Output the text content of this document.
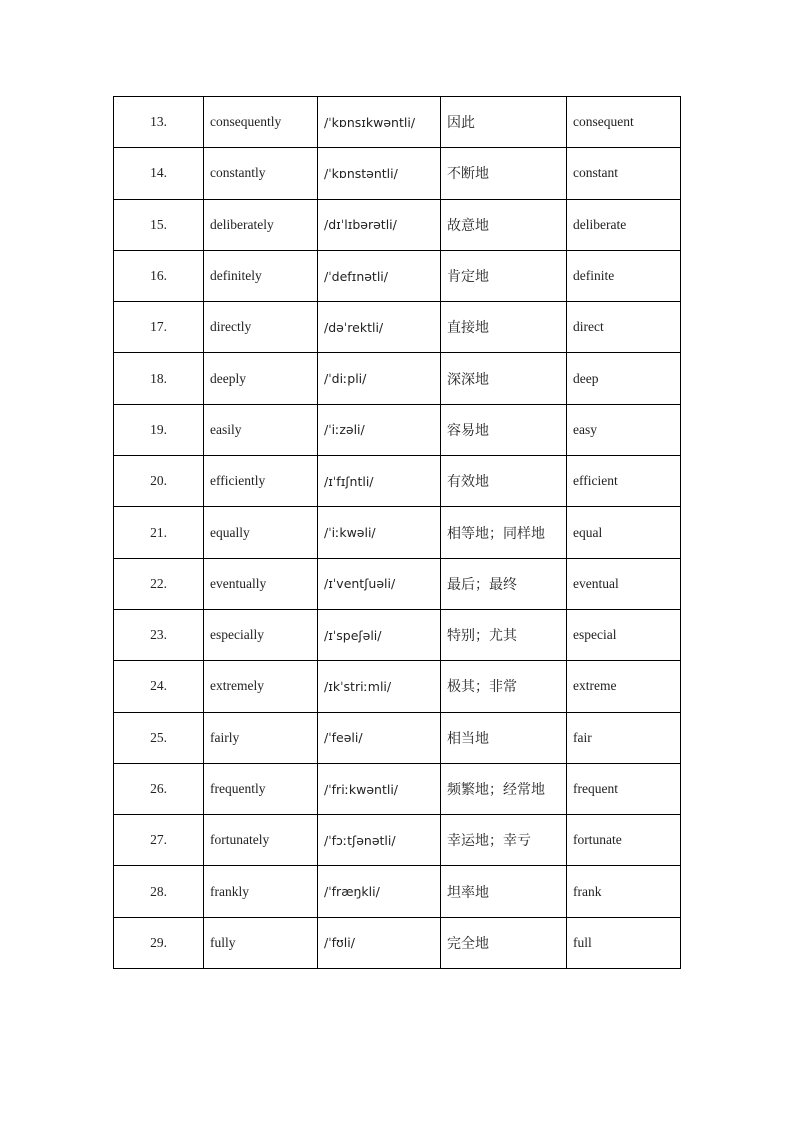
13.	consequently	/ˈkɒnsɪkwəntli/	因此	consequent
14.	constantly	/ˈkɒnstəntli/	不断地	constant
15.	deliberately	/dɪˈlɪbərətli/	故意地	deliberate
16.	definitely	/ˈdefɪnətli/	肯定地	definite
17.	directly	/dəˈrektli/	直接地	direct
18.	deeply	/ˈdiːpli/	深深地	deep
19.	easily	/ˈiːzəli/	容易地	easy
20.	efficiently	/ɪˈfɪʃntli/	有效地	efficient
21.	equally	/ˈiːkwəli/	相等地；同样地	equal
22.	eventually	/ɪˈventʃuəli/	最后；最终	eventual
23.	especially	/ɪˈspeʃəli/	特别；尤其	especial
24.	extremely	/ɪkˈstriːmli/	极其；非常	extreme
25.	fairly	/ˈfeəli/	相当地	fair
26.	frequently	/ˈfriːkwəntli/	频繁地；经常地	frequent
27.	fortunately	/ˈfɔːtʃənətli/	幸运地；幸亏	fortunate
28.	frankly	/ˈfræŋkli/	坦率地	frank
29.	fully	/ˈfʊli/	完全地	full
